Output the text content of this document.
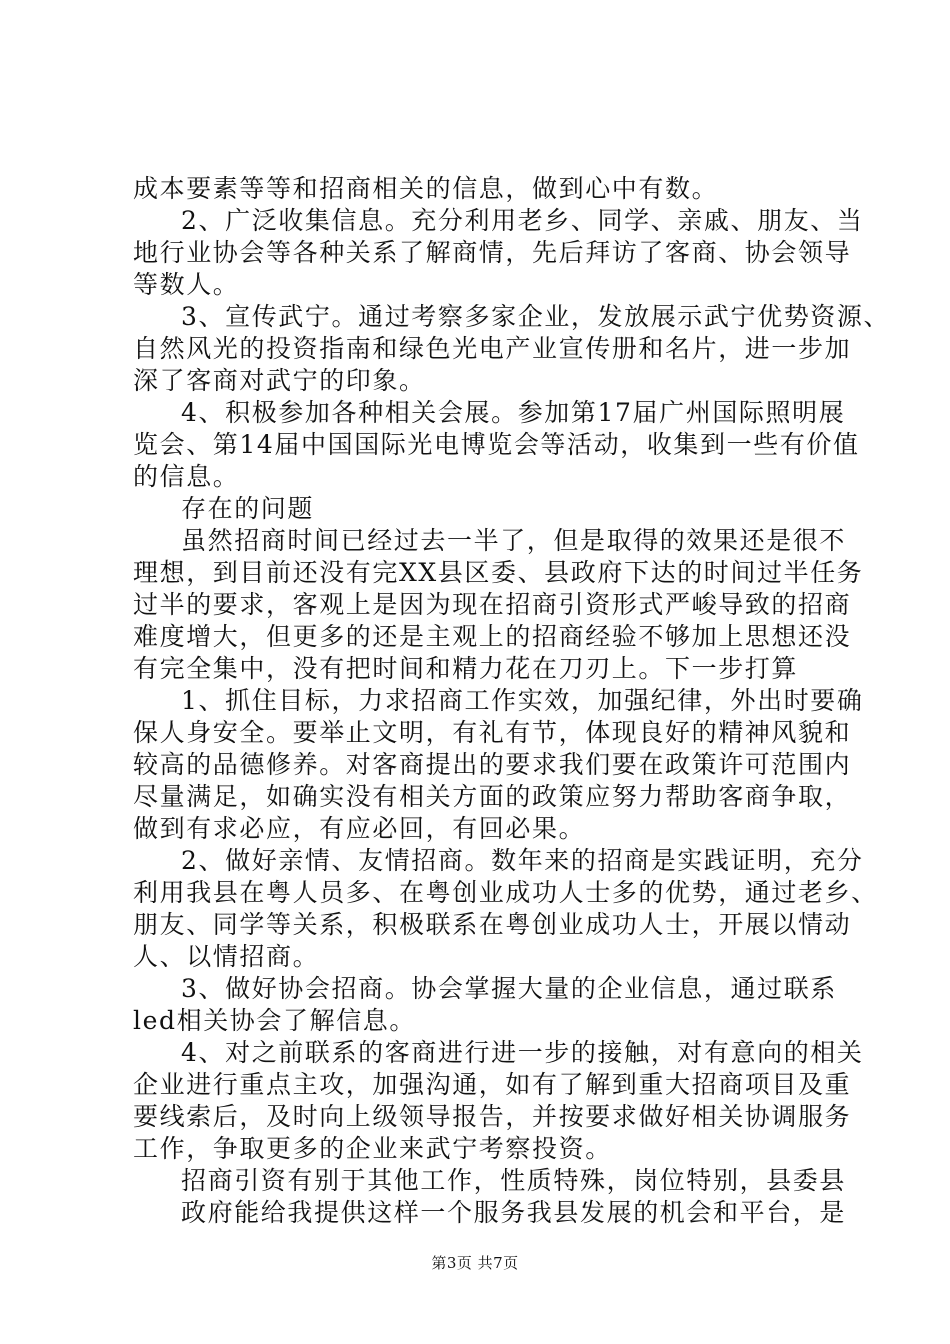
成本要素等等和招商相关的信息，做到心中有数。
2、广泛收集信息。充分利用老乡、同学、亲戚、朋友、当
地行业协会等各种关系了解商情，先后拜访了客商、协会领导
等数人。
3、宣传武宁。通过考察多家企业，发放展示武宁优势资源、
自然风光的投资指南和绿色光电产业宣传册和名片，进一步加
深了客商对武宁的印象。
4、积极参加各种相关会展。参加第17届广州国际照明展
览会、第14届中国国际光电博览会等活动，收集到一些有价值
的信息。
存在的问题
虽然招商时间已经过去一半了，但是取得的效果还是很不
理想，到目前还没有完XX县区委、县政府下达的时间过半任务
过半的要求，客观上是因为现在招商引资形式严峻导致的招商
难度增大，但更多的还是主观上的招商经验不够加上思想还没
有完全集中，没有把时间和精力花在刀刃上。下一步打算
1、抓住目标，力求招商工作实效，加强纪律，外出时要确
保人身安全。要举止文明，有礼有节，体现良好的精神风貌和
较高的品德修养。对客商提出的要求我们要在政策许可范围内
尽量满足，如确实没有相关方面的政策应努力帮助客商争取，
做到有求必应，有应必回，有回必果。
2、做好亲情、友情招商。数年来的招商是实践证明，充分
利用我县在粤人员多、在粤创业成功人士多的优势，通过老乡、
朋友、同学等关系，积极联系在粤创业成功人士，开展以情动
人、以情招商。
3、做好协会招商。协会掌握大量的企业信息，通过联系
led相关协会了解信息。
4、对之前联系的客商进行进一步的接触，对有意向的相关
企业进行重点主攻，加强沟通，如有了解到重大招商项目及重
要线索后，及时向上级领导报告，并按要求做好相关协调服务
工作，争取更多的企业来武宁考察投资。
招商引资有别于其他工作，性质特殊，岗位特别，县委县
政府能给我提供这样一个服务我县发展的机会和平台，是
第3页 共7页
